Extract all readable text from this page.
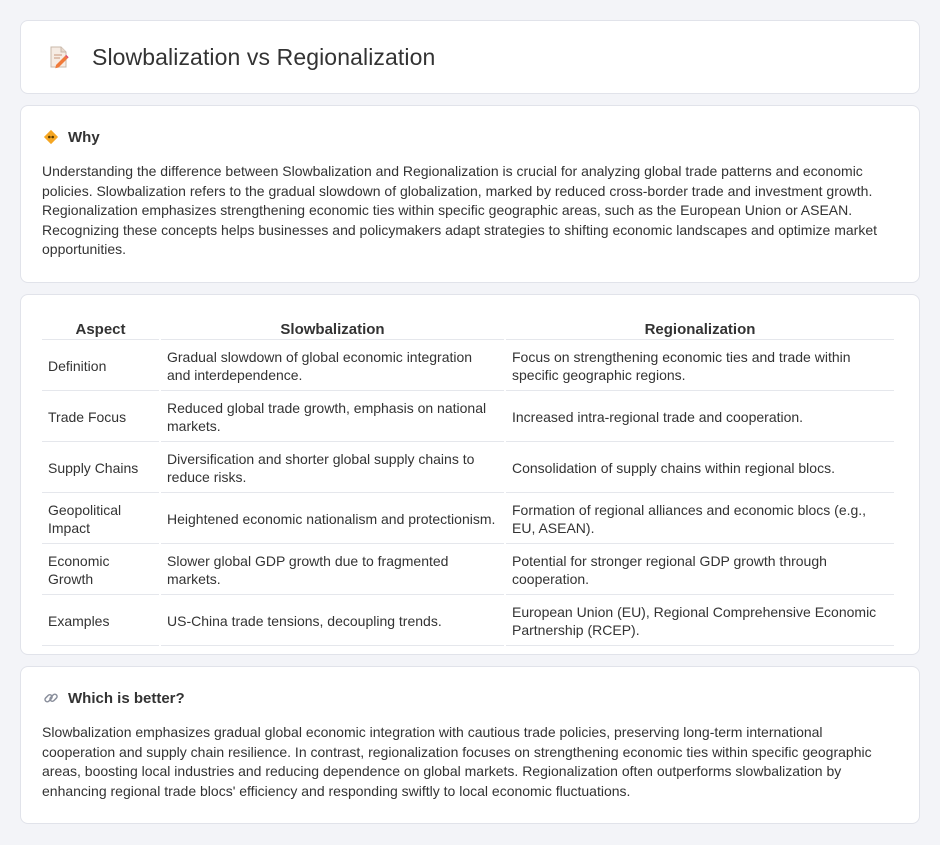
Slowbalization vs Regionalization
Why

Understanding the difference between Slowbalization and Regionalization is crucial for analyzing global trade patterns and economic policies. Slowbalization refers to the gradual slowdown of globalization, marked by reduced cross-border trade and investment growth. Regionalization emphasizes strengthening economic ties within specific geographic areas, such as the European Union or ASEAN. Recognizing these concepts helps businesses and policymakers adapt strategies to shifting economic landscapes and optimize market opportunities.

Aspect	Slowbalization	Regionalization
Definition	Gradual slowdown of global economic integration and interdependence.	Focus on strengthening economic ties and trade within specific geographic regions.
Trade Focus	Reduced global trade growth, emphasis on national markets.	Increased intra-regional trade and cooperation.
Supply Chains	Diversification and shorter global supply chains to reduce risks.	Consolidation of supply chains within regional blocs.
Geopolitical Impact	Heightened economic nationalism and protectionism.	Formation of regional alliances and economic blocs (e.g., EU, ASEAN).
Economic Growth	Slower global GDP growth due to fragmented markets.	Potential for stronger regional GDP growth through cooperation.
Examples	US-China trade tensions, decoupling trends.	European Union (EU), Regional Comprehensive Economic Partnership (RCEP).
Which is better?

Slowbalization emphasizes gradual global economic integration with cautious trade policies, preserving long-term international cooperation and supply chain resilience. In contrast, regionalization focuses on strengthening economic ties within specific geographic areas, boosting local industries and reducing dependence on global markets. Regionalization often outperforms slowbalization by enhancing regional trade blocs' efficiency and responding swiftly to local economic fluctuations.
